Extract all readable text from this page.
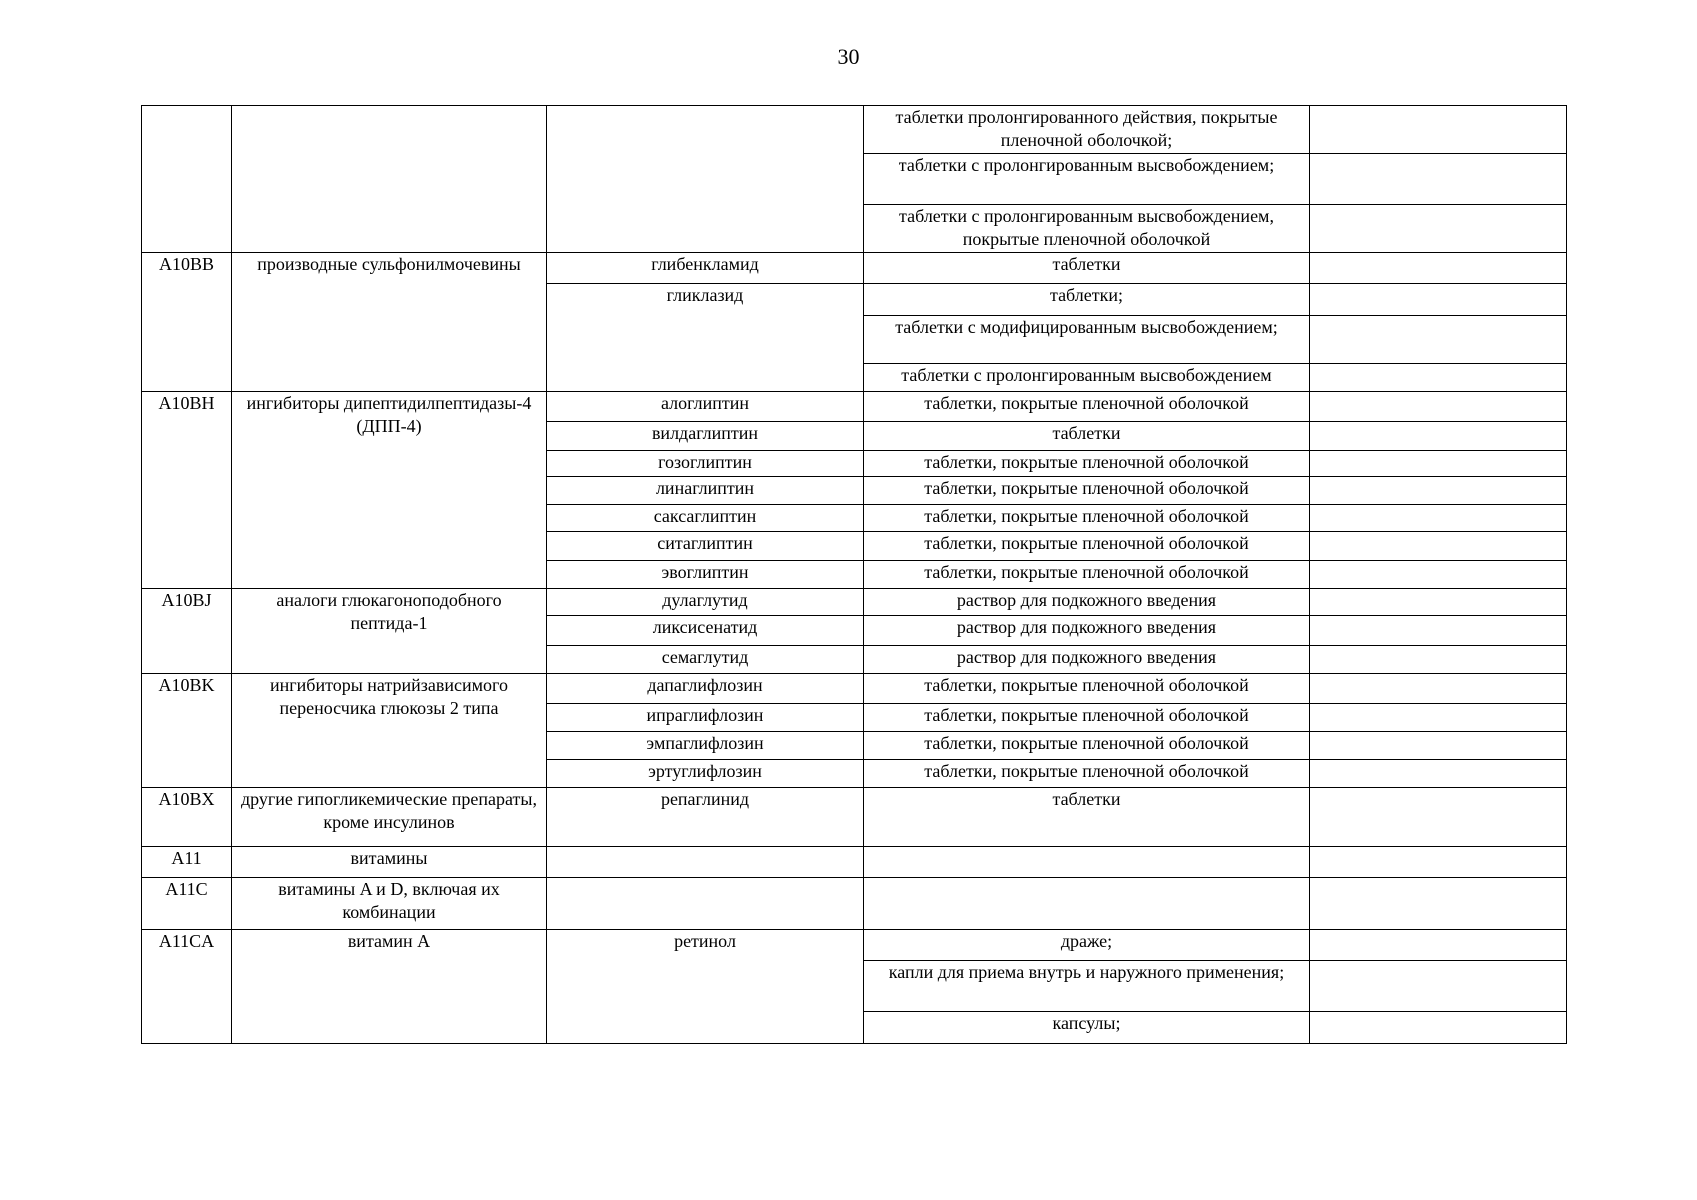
30
			таблетки пролонгированного действия, покрытые пленочной оболочкой;	
			таблетки с пролонгированным высвобождением;	
			таблетки с пролонгированным высвобождением, покрытые пленочной оболочкой	
A10BB	производные сульфонилмочевины	глибенкламид	таблетки	
		гликлазид	таблетки;	
			таблетки с модифицированным высвобождением;	
			таблетки с пролонгированным высвобождением	
A10BH	ингибиторы дипептидилпептидазы-4 (ДПП-4)	алоглиптин	таблетки, покрытые пленочной оболочкой	
		вилдаглиптин	таблетки	
		гозоглиптин	таблетки, покрытые пленочной оболочкой	
		линаглиптин	таблетки, покрытые пленочной оболочкой	
		саксаглиптин	таблетки, покрытые пленочной оболочкой	
		ситаглиптин	таблетки, покрытые пленочной оболочкой	
		эвоглиптин	таблетки, покрытые пленочной оболочкой	
A10BJ	аналоги глюкагоноподобного пептида-1	дулаглутид	раствор для подкожного введения	
		ликсисенатид	раствор для подкожного введения	
		семаглутид	раствор для подкожного введения	
A10BK	ингибиторы натрийзависимого переносчика глюкозы 2 типа	дапаглифлозин	таблетки, покрытые пленочной оболочкой	
		ипраглифлозин	таблетки, покрытые пленочной оболочкой	
		эмпаглифлозин	таблетки, покрытые пленочной оболочкой	
		эртуглифлозин	таблетки, покрытые пленочной оболочкой	
A10BX	другие гипогликемические препараты, кроме инсулинов	репаглинид	таблетки	
A11	витамины			
A11C	витамины A и D, включая их комбинации			
A11CA	витамин A	ретинол	драже;	
			капли для приема внутрь и наружного применения;	
			капсулы;	
